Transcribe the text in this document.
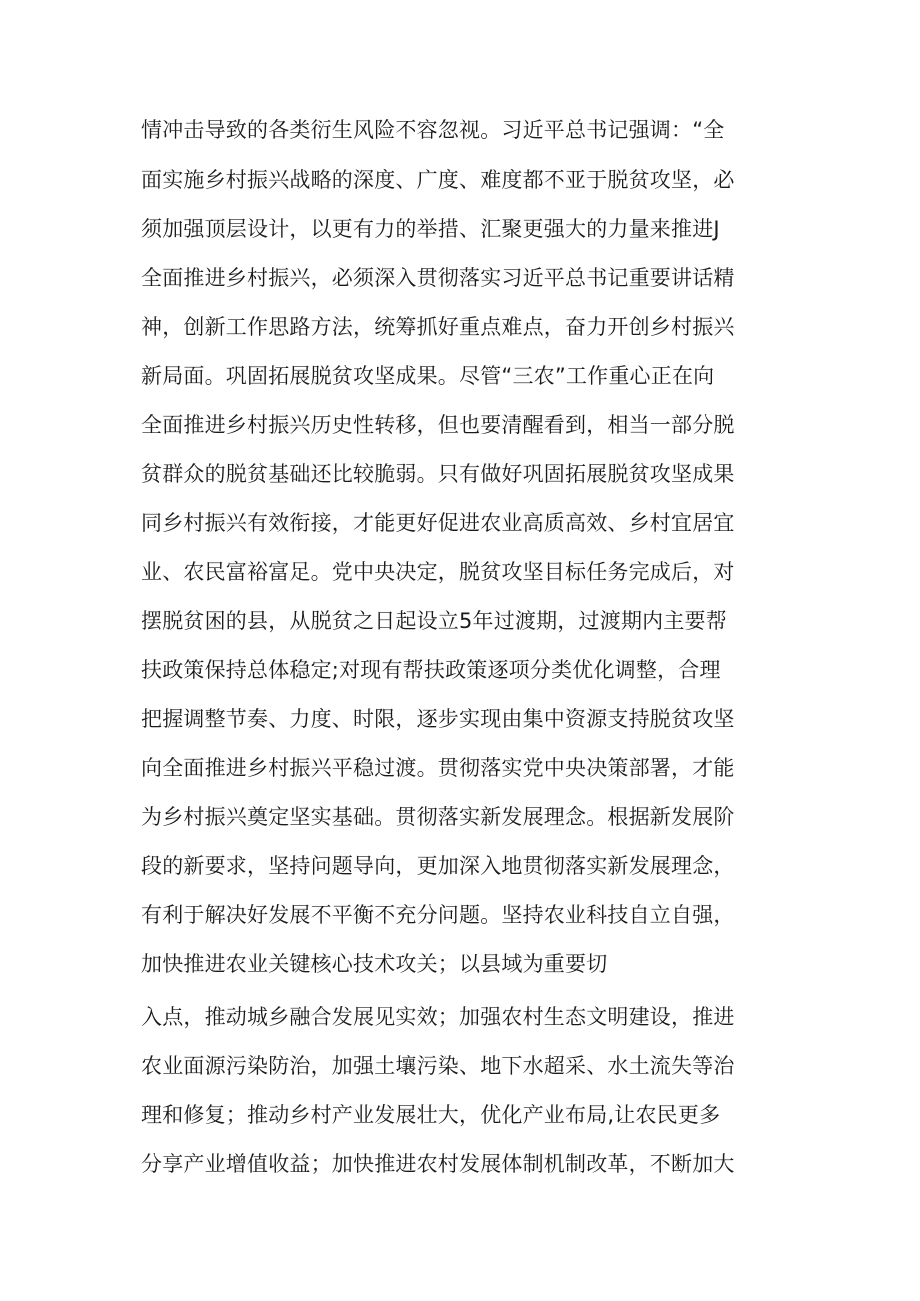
情冲击导致的各类衍生风险不容忽视。习近平总书记强调：“全
面实施乡村振兴战略的深度、广度、难度都不亚于脱贫攻坚，必
须加强顶层设计，以更有力的举措、汇聚更强大的力量来推进J
全面推进乡村振兴，必须深入贯彻落实习近平总书记重要讲话精
神，创新工作思路方法，统筹抓好重点难点，奋力开创乡村振兴
新局面。巩固拓展脱贫攻坚成果。尽管“三农”工作重心正在向
全面推进乡村振兴历史性转移，但也要清醒看到，相当一部分脱
贫群众的脱贫基础还比较脆弱。只有做好巩固拓展脱贫攻坚成果
同乡村振兴有效衔接，才能更好促进农业高质高效、乡村宜居宜
业、农民富裕富足。党中央决定，脱贫攻坚目标任务完成后，对
摆脱贫困的县，从脱贫之日起设立5年过渡期，过渡期内主要帮
扶政策保持总体稳定;对现有帮扶政策逐项分类优化调整，合理
把握调整节奏、力度、时限，逐步实现由集中资源支持脱贫攻坚
向全面推进乡村振兴平稳过渡。贯彻落实党中央决策部署，才能
为乡村振兴奠定坚实基础。贯彻落实新发展理念。根据新发展阶
段的新要求，坚持问题导向，更加深入地贯彻落实新发展理念，
有利于解决好发展不平衡不充分问题。坚持农业科技自立自强，
加快推进农业关键核心技术攻关；以县域为重要切
入点，推动城乡融合发展见实效；加强农村生态文明建设，推进
农业面源污染防治，加强土壤污染、地下水超采、水土流失等治
理和修复；推动乡村产业发展壮大，优化产业布局,让农民更多
分享产业增值收益；加快推进农村发展体制机制改革，不断加大
